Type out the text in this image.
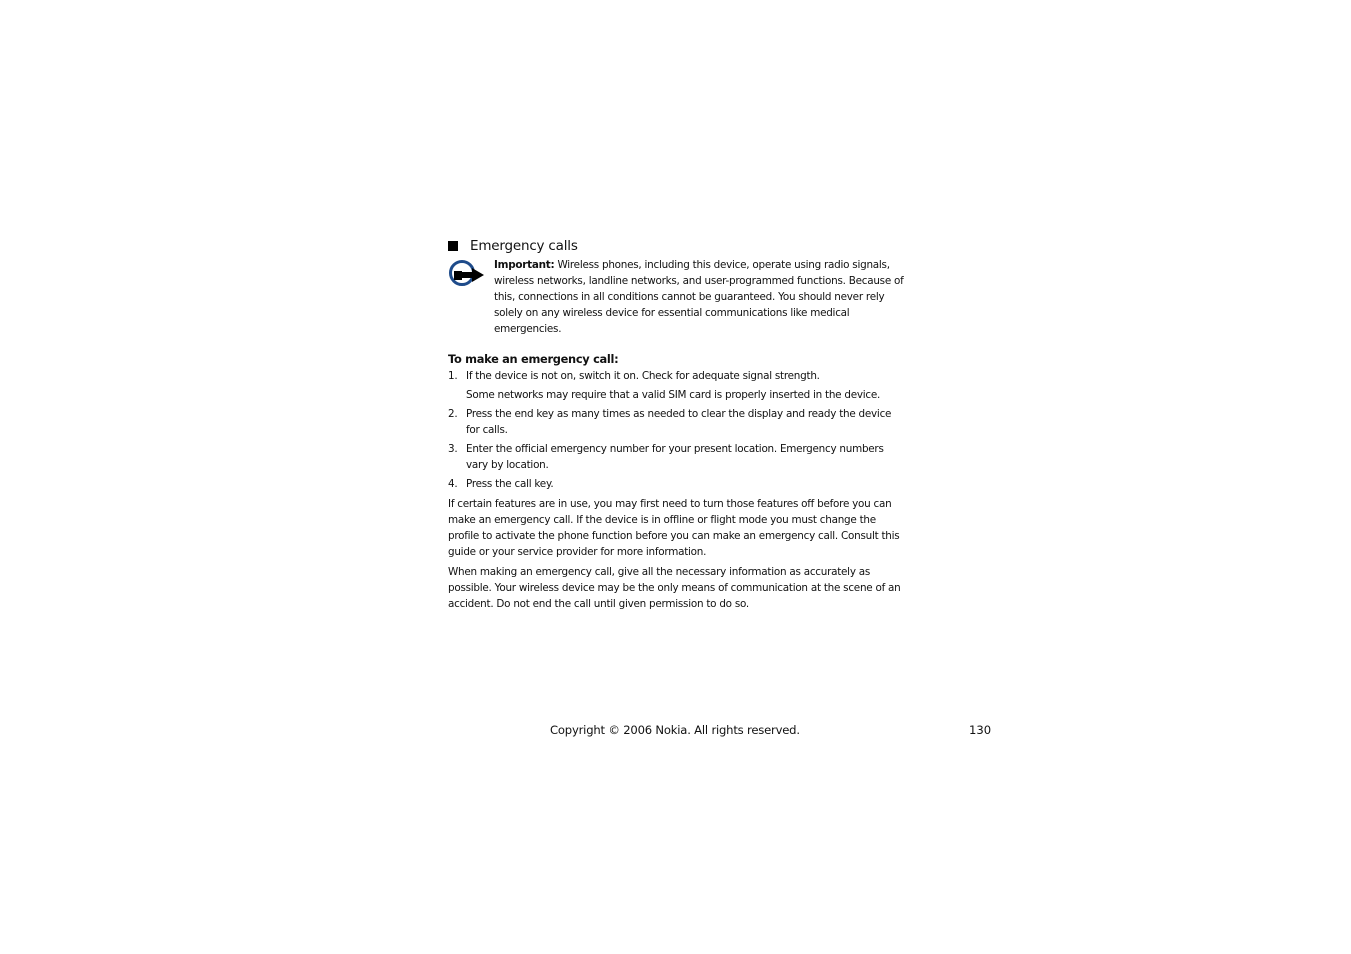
Emergency calls
Important: Wireless phones, including this device, operate using radio signals, wireless networks, landline networks, and user-programmed functions. Because of this, connections in all conditions cannot be guaranteed. You should never rely solely on any wireless device for essential communications like medical emergencies.
To make an emergency call:
1. If the device is not on, switch it on. Check for adequate signal strength.
Some networks may require that a valid SIM card is properly inserted in the device.
2. Press the end key as many times as needed to clear the display and ready the device for calls.
3. Enter the official emergency number for your present location. Emergency numbers vary by location.
4. Press the call key.

If certain features are in use, you may first need to turn those features off before you can make an emergency call. If the device is in offline or flight mode you must change the profile to activate the phone function before you can make an emergency call. Consult this guide or your service provider for more information.

When making an emergency call, give all the necessary information as accurately as possible. Your wireless device may be the only means of communication at the scene of an accident. Do not end the call until given permission to do so.

Copyright © 2006 Nokia. All rights reserved.	130
